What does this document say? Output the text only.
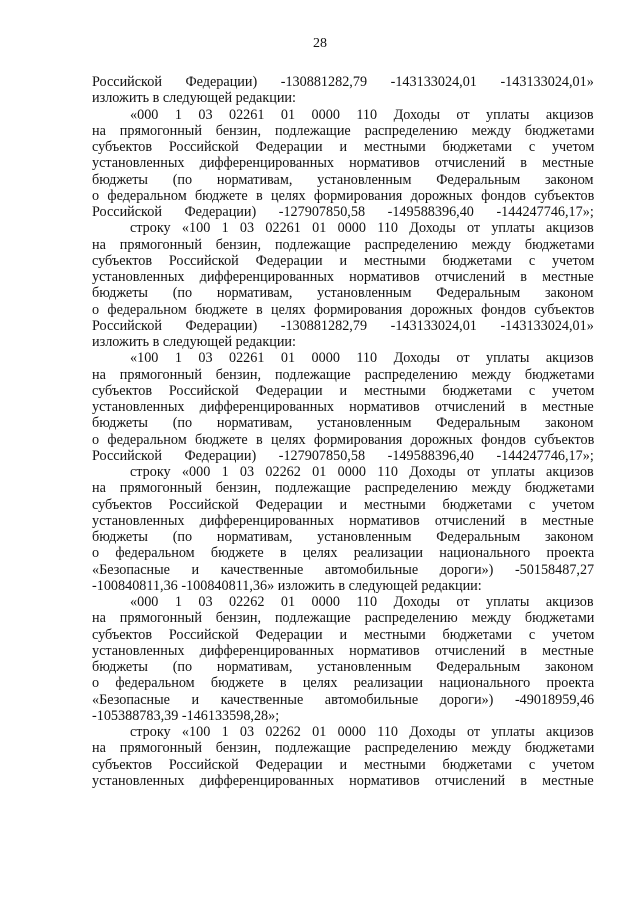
28
Российской Федерации) -130881282,79 -143133024,01 -143133024,01»
изложить в следующей редакции:
«000 1 03 02261 01 0000 110 Доходы от уплаты акцизов
на прямогонный бензин, подлежащие распределению между бюджетами
субъектов Российской Федерации и местными бюджетами с учетом
установленных дифференцированных нормативов отчислений в местные
бюджеты (по нормативам, установленным Федеральным законом
о федеральном бюджете в целях формирования дорожных фондов субъектов
Российской Федерации) -127907850,58 -149588396,40 -144247746,17»;
строку «100 1 03 02261 01 0000 110 Доходы от уплаты акцизов
на прямогонный бензин, подлежащие распределению между бюджетами
субъектов Российской Федерации и местными бюджетами с учетом
установленных дифференцированных нормативов отчислений в местные
бюджеты (по нормативам, установленным Федеральным законом
о федеральном бюджете в целях формирования дорожных фондов субъектов
Российской Федерации) -130881282,79 -143133024,01 -143133024,01»
изложить в следующей редакции:
«100 1 03 02261 01 0000 110 Доходы от уплаты акцизов
на прямогонный бензин, подлежащие распределению между бюджетами
субъектов Российской Федерации и местными бюджетами с учетом
установленных дифференцированных нормативов отчислений в местные
бюджеты (по нормативам, установленным Федеральным законом
о федеральном бюджете в целях формирования дорожных фондов субъектов
Российской Федерации) -127907850,58 -149588396,40 -144247746,17»;
строку «000 1 03 02262 01 0000 110 Доходы от уплаты акцизов
на прямогонный бензин, подлежащие распределению между бюджетами
субъектов Российской Федерации и местными бюджетами с учетом
установленных дифференцированных нормативов отчислений в местные
бюджеты (по нормативам, установленным Федеральным законом
о федеральном бюджете в целях реализации национального проекта
«Безопасные и качественные автомобильные дороги») -50158487,27
-100840811,36 -100840811,36» изложить в следующей редакции:
«000 1 03 02262 01 0000 110 Доходы от уплаты акцизов
на прямогонный бензин, подлежащие распределению между бюджетами
субъектов Российской Федерации и местными бюджетами с учетом
установленных дифференцированных нормативов отчислений в местные
бюджеты (по нормативам, установленным Федеральным законом
о федеральном бюджете в целях реализации национального проекта
«Безопасные и качественные автомобильные дороги») -49018959,46
-105388783,39 -146133598,28»;
строку «100 1 03 02262 01 0000 110 Доходы от уплаты акцизов
на прямогонный бензин, подлежащие распределению между бюджетами
субъектов Российской Федерации и местными бюджетами с учетом
установленных дифференцированных нормативов отчислений в местные
